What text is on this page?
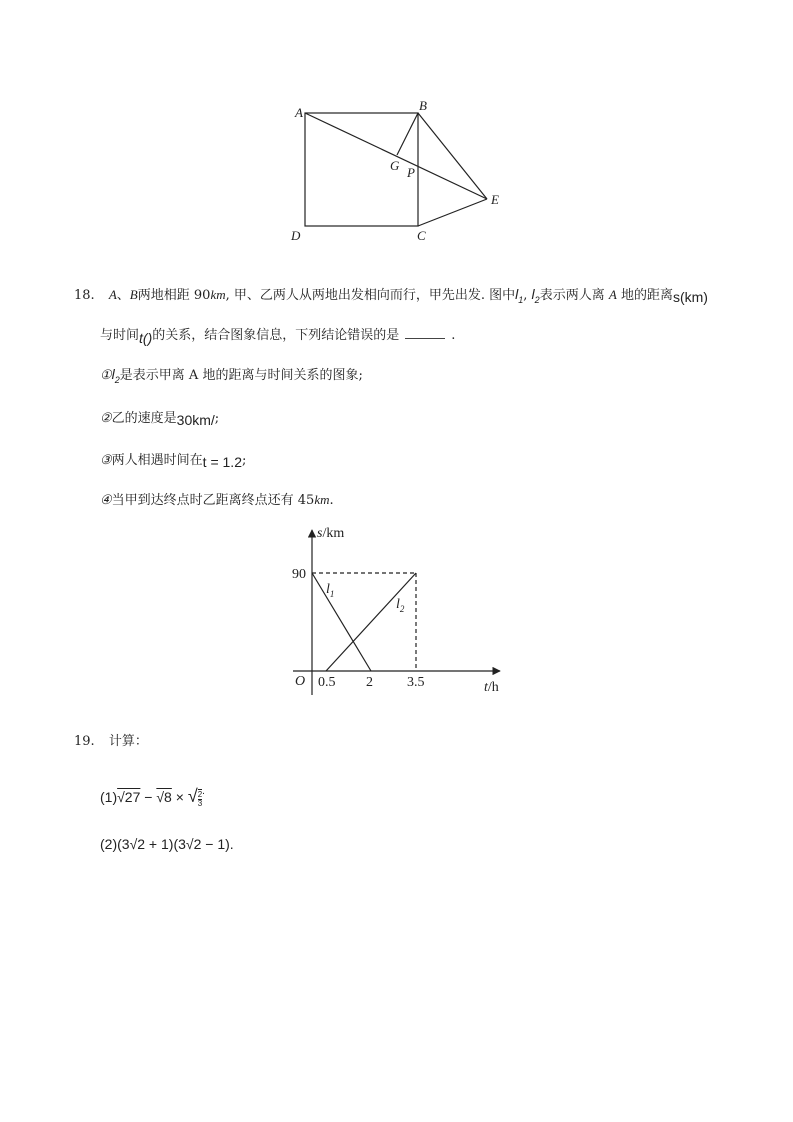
A	B
C
D
E
G P
18. A、B两地相距 90km, 甲、乙两人从两地出发相向而行，甲先出发. 图中$l_1$, $l_2$表示两人离 A 地的距离s(km)
与时间t()的关系，结合图象信息，下列结论错误的是	.
$①l_2$是表示甲离 A 地的距离与时间关系的图象;
②乙的速度是30km/;
③两人相遇时间在t = 1.2;
④当甲到达终点时乙距离终点还有 45km.
s/km
90
$l_1$
$l_2$
O 0.5 2 3.5	t/h
19. 计算：
(1)√27 − √8 × √ $\frac{2}{3} ^.$
(2)(3√2 + 1)(3√2 − 1).
